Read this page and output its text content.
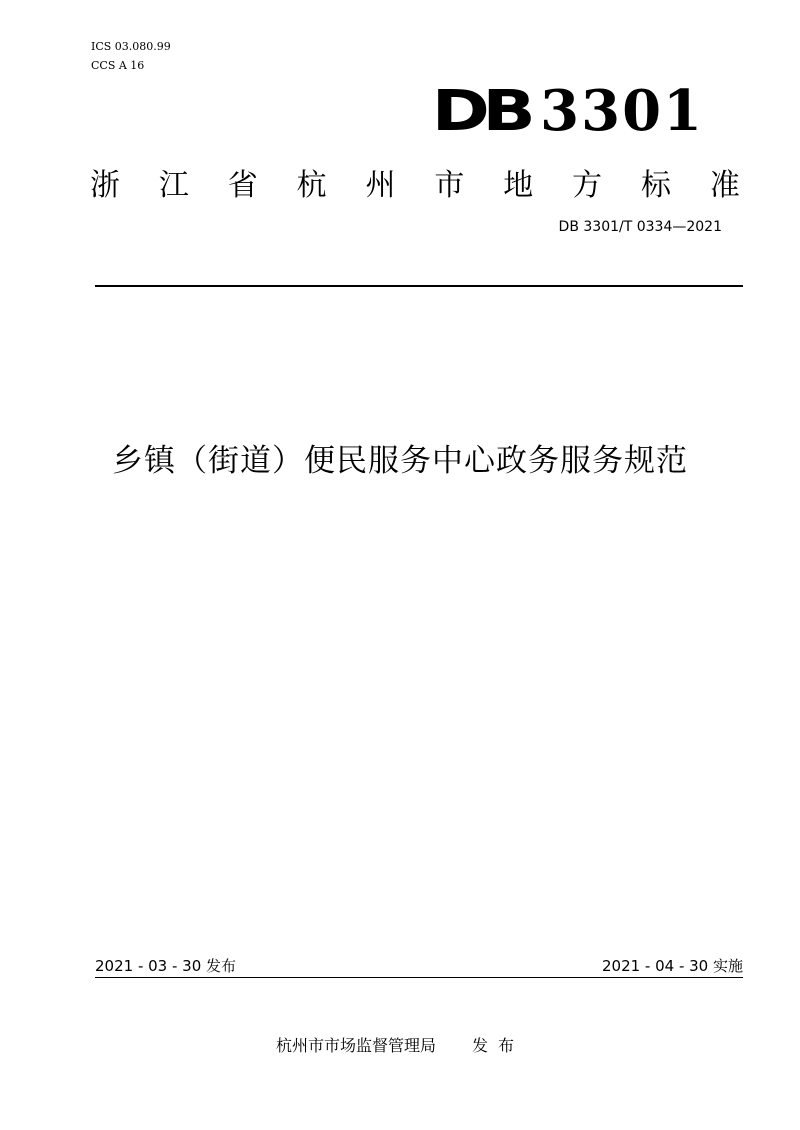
ICS 03.080.99
CCS A 16
DB 3301
浙 江 省 杭 州 市 地 方 标 准
DB 3301/T 0334—2021
乡镇（街道）便民服务中心政务服务规范
2021 - 03 - 30 发布	2021 - 04 - 30 实施
杭州市市场监督管理局 发布
